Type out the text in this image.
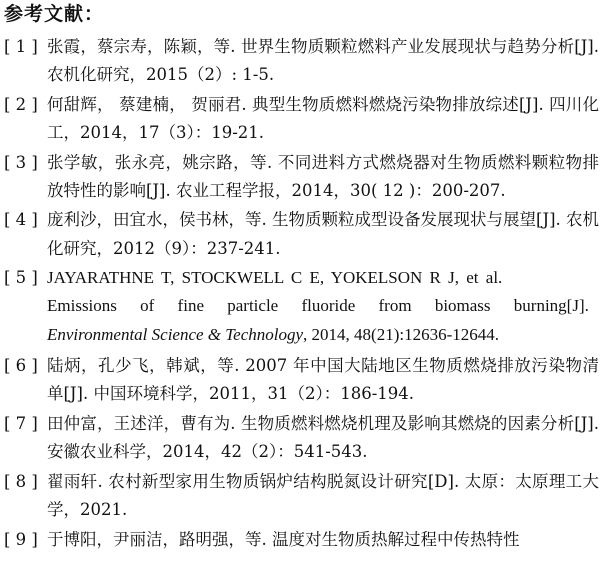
参考文献：
[ 1 ] 张霞，蔡宗寿，陈颖，等. 世界生物质颗粒燃料产业发展现状与趋势分析[J]. 农机化研究，2015（2）: 1-5.
[ 2 ] 何甜辉， 蔡建楠， 贺丽君. 典型生物质燃料燃烧污染物排放综述[J]. 四川化工，2014，17（3）：19-21.
[ 3 ] 张学敏，张永亮，姚宗路，等. 不同进料方式燃烧器对生物质燃料颗粒物排放特性的影响[J]. 农业工程学报，2014，30( 12 )：200-207.
[ 4 ] 庞利沙，田宜水，侯书林，等. 生物质颗粒成型设备发展现状与展望[J]. 农机化研究，2012（9）：237-241.
[ 5 ] JAYARATHNE T, STOCKWELL C E, YOKELSON R J, et al.
Emissions of fine particle fluoride from biomass burning[J].
Environmental Science & Technology, 2014, 48(21):12636-12644.
[ 6 ] 陆炳，孔少飞，韩斌，等. 2007 年中国大陆地区生物质燃烧排放污染物清单[J]. 中国环境科学，2011，31（2）：186-194.
[ 7 ] 田仲富，王述洋，曹有为. 生物质燃料燃烧机理及影响其燃烧的因素分析[J]. 安徽农业科学，2014，42（2）：541-543.
[ 8 ] 翟雨轩. 农村新型家用生物质锅炉结构脱氮设计研究[D]. 太原：太原理工大学，2021.
[ 9 ] 于博阳，尹丽洁，路明强，等. 温度对生物质热解过程中传热特性
